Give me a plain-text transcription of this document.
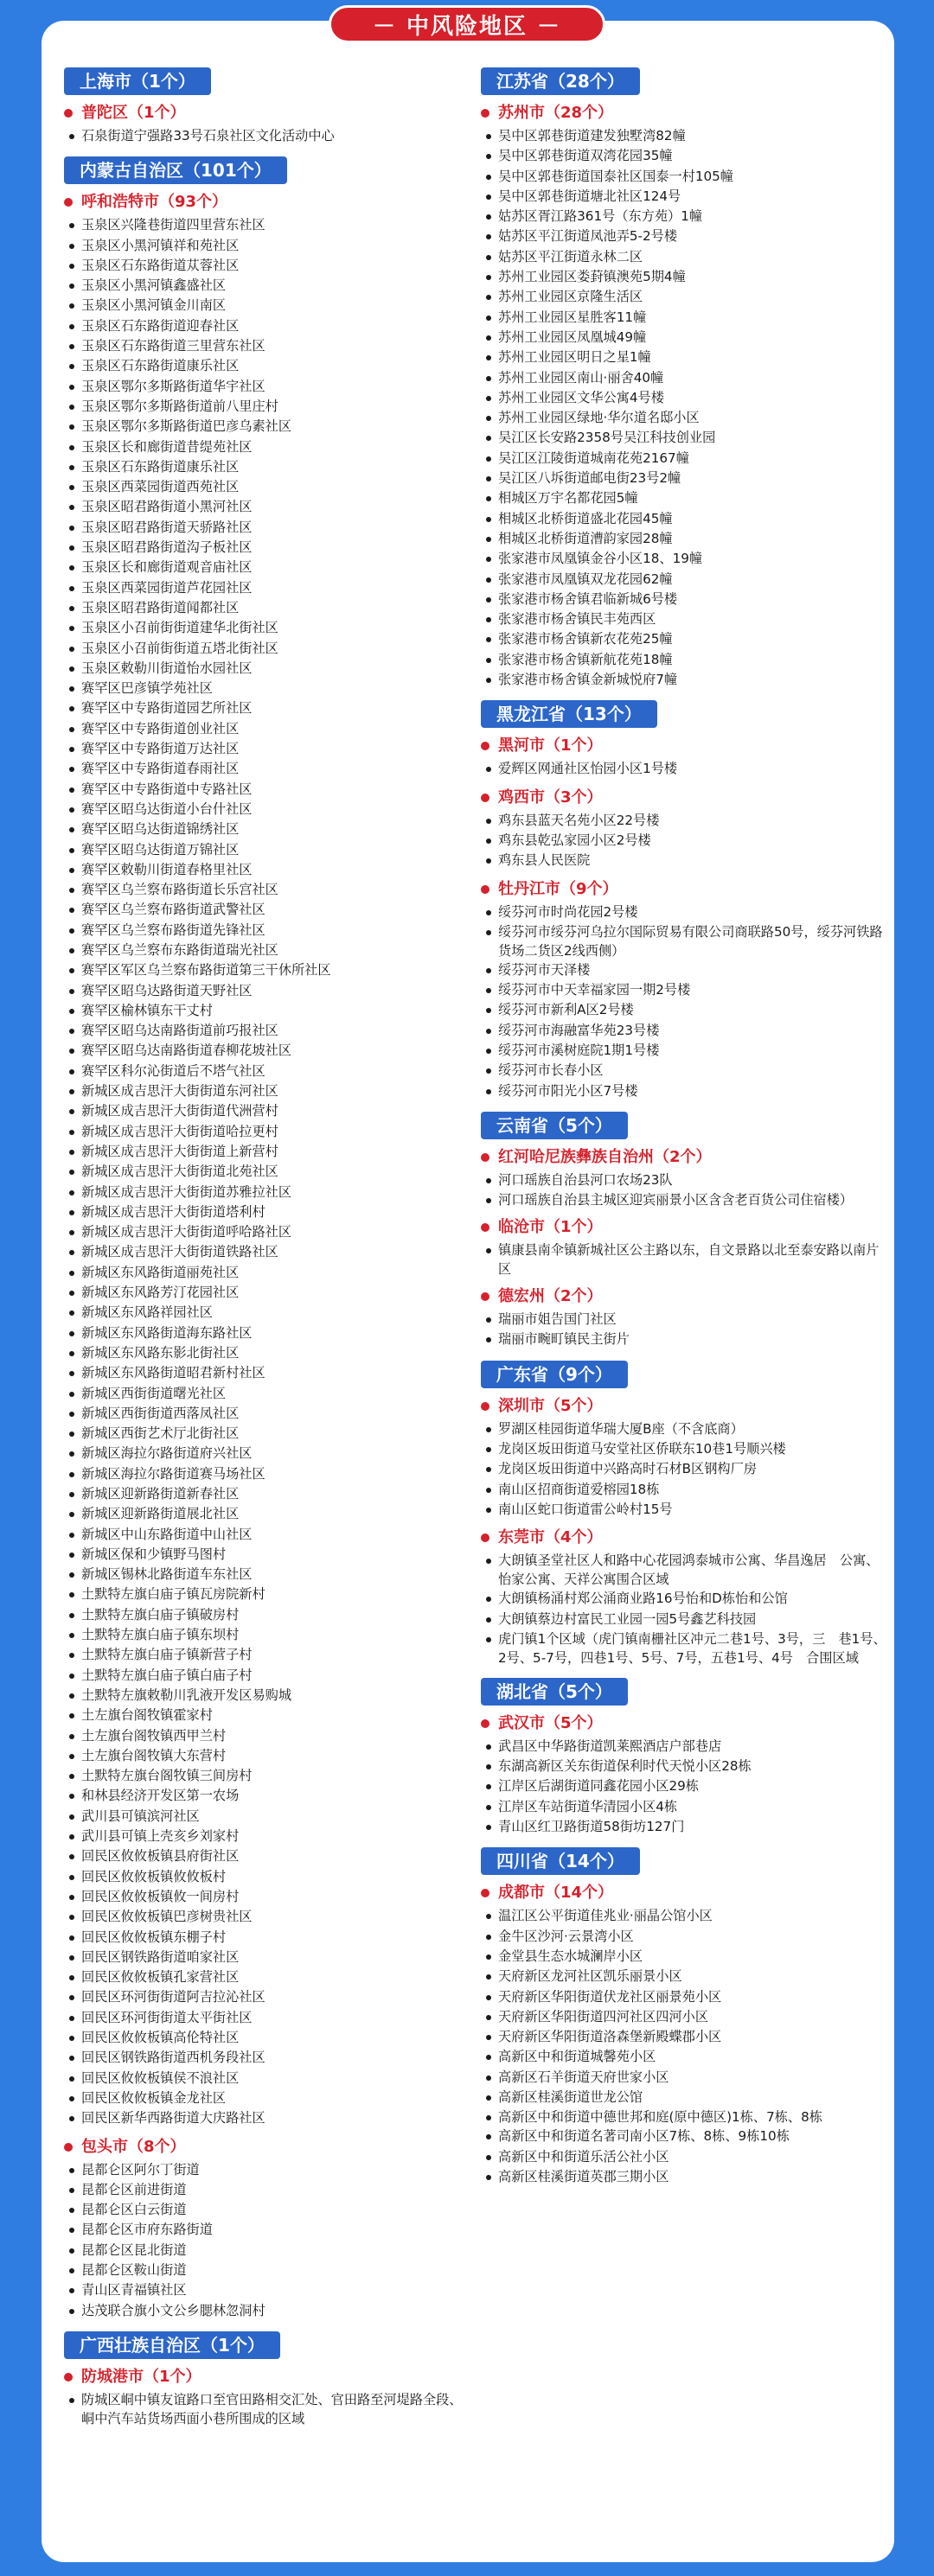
－ 中风险地区 －
上海市（1个）
普陀区（1个）
石泉街道宁强路33号石泉社区文化活动中心
内蒙古自治区（101个）
呼和浩特市（93个）
玉泉区兴隆巷街道四里营东社区
玉泉区小黑河镇祥和苑社区
玉泉区石东路街道苁蓉社区
玉泉区小黑河镇鑫盛社区
玉泉区小黑河镇金川南区
玉泉区石东路街道迎春社区
玉泉区石东路街道三里营东社区
玉泉区石东路街道康乐社区
玉泉区鄂尔多斯路街道华宇社区
玉泉区鄂尔多斯路街道前八里庄村
玉泉区鄂尔多斯路街道巴彦乌素社区
玉泉区长和廊街道昔缇苑社区
玉泉区石东路街道康乐社区
玉泉区西菜园街道西苑社区
玉泉区昭君路街道小黑河社区
玉泉区昭君路街道天骄路社区
玉泉区昭君路街道沟子板社区
玉泉区长和廊街道观音庙社区
玉泉区西菜园街道芦花园社区
玉泉区昭君路街道闻都社区
玉泉区小召前街街道建华北街社区
玉泉区小召前街街道五塔北街社区
玉泉区敕勒川街道怡水园社区
赛罕区巴彦镇学苑社区
赛罕区中专路街道园艺所社区
赛罕区中专路街道创业社区
赛罕区中专路街道万达社区
赛罕区中专路街道春雨社区
赛罕区中专路街道中专路社区
赛罕区昭乌达街道小台什社区
赛罕区昭乌达街道锦绣社区
赛罕区昭乌达街道万锦社区
赛罕区敕勒川街道春格里社区
赛罕区乌兰察布路街道长乐宫社区
赛罕区乌兰察布路街道武警社区
赛罕区乌兰察布路街道先锋社区
赛罕区乌兰察布东路街道瑞光社区
赛罕区军区乌兰察布路街道第三干休所社区
赛罕区昭乌达路街道天野社区
赛罕区榆林镇东干丈村
赛罕区昭乌达南路街道前巧报社区
赛罕区昭乌达南路街道春柳花坡社区
赛罕区科尔沁街道后不塔气社区
新城区成吉思汗大街街道东河社区
新城区成吉思汗大街街道代洲营村
新城区成吉思汗大街街道哈拉更村
新城区成吉思汗大街街道上新营村
新城区成吉思汗大街街道北苑社区
新城区成吉思汗大街街道苏雅拉社区
新城区成吉思汗大街街道塔利村
新城区成吉思汗大街街道呼哈路社区
新城区成吉思汗大街街道铁路社区
新城区东风路街道丽苑社区
新城区东风路芳汀花园社区
新城区东风路祥园社区
新城区东风路街道海东路社区
新城区东风路东影北街社区
新城区东风路街道昭君新村社区
新城区西街街道曙光社区
新城区西街街道西落凤社区
新城区西街艺术厅北街社区
新城区海拉尔路街道府兴社区
新城区海拉尔路街道赛马场社区
新城区迎新路街道新春社区
新城区迎新路街道展北社区
新城区中山东路街道中山社区
新城区保和少镇野马图村
新城区锡林北路街道车东社区
土默特左旗白庙子镇瓦房院新村
土默特左旗白庙子镇破房村
土默特左旗白庙子镇东坝村
土默特左旗白庙子镇新营子村
土默特左旗白庙子镇白庙子村
土默特左旗敕勒川乳液开发区易购城
土左旗台阁牧镇霍家村
土左旗台阁牧镇西甲兰村
土左旗台阁牧镇大东营村
土默特左旗台阁牧镇三间房村
和林县经济开发区第一农场
武川县可镇滨河社区
武川县可镇上壳亥乡刘家村
回民区攸攸板镇县府街社区
回民区攸攸板镇攸攸板村
回民区攸攸板镇攸一间房村
回民区攸攸板镇巴彦树贵社区
回民区攸攸板镇东棚子村
回民区钢铁路街道咱家社区
回民区攸攸板镇孔家营社区
回民区环河街街道阿吉拉沁社区
回民区环河街街道太平街社区
回民区攸攸板镇高伦特社区
回民区钢铁路街道西机务段社区
回民区攸攸板镇侯不浪社区
回民区攸攸板镇金龙社区
回民区新华西路街道大庆路社区
包头市（8个）
昆都仑区阿尔丁街道
昆都仑区前进街道
昆都仑区白云街道
昆都仑区市府东路街道
昆都仑区昆北街道
昆都仑区鞍山街道
青山区青福镇社区
达茂联合旗小文公乡腮林忽洞村
广西壮族自治区（1个）
防城港市（1个）
防城区峒中镇友谊路口至官田路相交汇处、官田路至河堤路全段、峒中汽车站货场西面小巷所围成的区域
江苏省（28个）
苏州市（28个）
吴中区郭巷街道建发独墅湾82幢
吴中区郭巷街道双湾花园35幢
吴中区郭巷街道国泰社区国泰一村105幢
吴中区郭巷街道塘北社区124号
姑苏区胥江路361号（东方苑）1幢
姑苏区平江街道凤池弄5-2号楼
姑苏区平江街道永林二区
苏州工业园区娄葑镇澳苑5期4幢
苏州工业园区京隆生活区
苏州工业园区星胜客11幢
苏州工业园区凤凰城49幢
苏州工业园区明日之星1幢
苏州工业园区南山·丽舍40幢
苏州工业园区文华公寓4号楼
苏州工业园区绿地·华尔道名邸小区
吴江区长安路2358号吴江科技创业园
吴江区江陵街道城南花苑2167幢
吴江区八坼街道邮电街23号2幢
相城区万宇名都花园5幢
相城区北桥街道盛北花园45幢
相城区北桥街道漕韵家园28幢
张家港市凤凰镇金谷小区18、19幢
张家港市凤凰镇双龙花园62幢
张家港市杨舍镇君临新城6号楼
张家港市杨舍镇民丰苑西区
张家港市杨舍镇新农花苑25幢
张家港市杨舍镇新航花苑18幢
张家港市杨舍镇金新城悦府7幢
黑龙江省（13个）
黑河市（1个）
爱辉区网通社区怡园小区1号楼
鸡西市（3个）
鸡东县蓝天名苑小区22号楼
鸡东县乾弘家园小区2号楼
鸡东县人民医院
牡丹江市（9个）
绥芬河市时尚花园2号楼
绥芬河市绥芬河乌拉尔国际贸易有限公司商联路50号，绥芬河铁路货场二货区2线西侧）
绥芬河市天泽楼
绥芬河市中天幸福家园一期2号楼
绥芬河市新利A区2号楼
绥芬河市海融富华苑23号楼
绥芬河市溪树庭院1期1号楼
绥芬河市长春小区
绥芬河市阳光小区7号楼
云南省（5个）
红河哈尼族彝族自治州（2个）
河口瑶族自治县河口农场23队
河口瑶族自治县主城区迎宾丽景小区含含老百货公司住宿楼）
临沧市（1个）
镇康县南伞镇新城社区公主路以东，自文景路以北至泰安路以南片区
德宏州（2个）
瑞丽市姐告国门社区
瑞丽市畹町镇民主街片
广东省（9个）
深圳市（5个）
罗湖区桂园街道华瑞大厦B座（不含底商）
龙岗区坂田街道马安堂社区侨联东10巷1号顺兴楼
龙岗区坂田街道中兴路高时石材B区钢构厂房
南山区招商街道爱榕园18栋
南山区蛇口街道雷公岭村15号
东莞市（4个）
大朗镇圣堂社区人和路中心花园鸿泰城市公寓、华昌逸居　公寓、怡家公寓、天祥公寓围合区域
大朗镇杨涌村郑公涌商业路16号怡和D栋怡和公馆
大朗镇蔡边村富民工业园一园5号鑫艺科技园
虎门镇1个区域（虎门镇南栅社区冲元二巷1号、3号，三　巷1号、2号、5-7号，四巷1号、5号、7号，五巷1号、4号　合围区域
湖北省（5个）
武汉市（5个）
武昌区中华路街道凯莱熙酒店户部巷店
东湖高新区关东街道保利时代天悦小区28栋
江岸区后湖街道同鑫花园小区29栋
江岸区车站街道华清园小区4栋
青山区红卫路街道58街坊127门
四川省（14个）
成都市（14个）
温江区公平街道佳兆业·丽晶公馆小区
金牛区沙河·云景湾小区
金堂县生态水城澜岸小区
天府新区龙河社区凯乐丽景小区
天府新区华阳街道伏龙社区丽景苑小区
天府新区华阳街道四河社区四河小区
天府新区华阳街道洛森堡新殿蝶郡小区
高新区中和街道城馨苑小区
高新区石羊街道天府世家小区
高新区桂溪街道世龙公馆
高新区中和街道中德世邦和庭(原中德区)1栋、7栋、8栋
高新区中和街道名著司南小区7栋、8栋、9栋10栋
高新区中和街道乐活公社小区
高新区桂溪街道英郡三期小区
